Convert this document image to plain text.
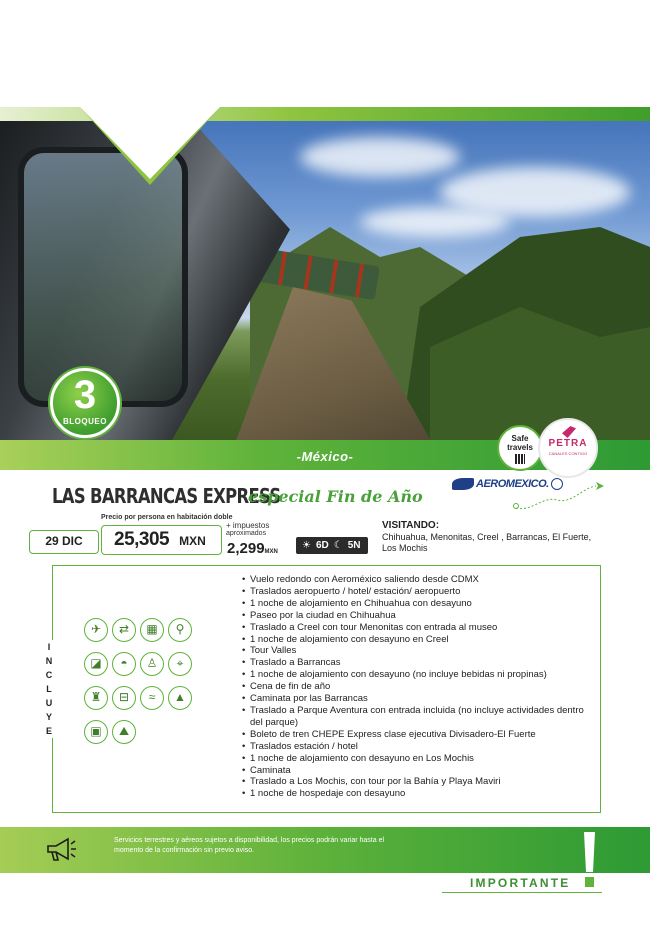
-México-
3
BLOQUEO
Safe
travels	PETRA
CANALES CONTIGO
LAS BARRANCAS EXPRESS
especial Fin de Año
AEROMEXICO.
29 DIC
Precio por persona en habitación doble
25,305 MXN
+ impuestos
aproximados
2,299MXN
☀ 6D ☾ 5N
VISITANDO:
Chihuahua, Menonitas, Creel , Barrancas, El Fuerte, Los Mochis
I
N
C
L
U
Y
E
✈ ⇄ ▦ ⚲ ◪ ◓ ♙ ⌖ ♜ ⊟ ≈ ▲ ▣ ⛰
• Vuelo redondo con Aeroméxico saliendo desde CDMX
• Traslados aeropuerto / hotel/ estación/ aeropuerto
• 1 noche de alojamiento en Chihuahua con desayuno
• Paseo por la ciudad en Chihuahua
• Traslado a Creel con tour Menonitas con entrada al museo
• 1 noche de alojamiento con desayuno en Creel
• Tour Valles
• Traslado a Barrancas
• 1 noche de alojamiento con desayuno (no incluye bebidas ni propinas)
• Cena de fin de año
• Caminata por las Barrancas
• Traslado a Parque Aventura con entrada incluida (no incluye actividades dentro del parque)
• Boleto de tren CHEPE Express clase ejecutiva Divisadero-El Fuerte
• Traslados estación / hotel
• 1 noche de alojamiento con desayuno en Los Mochis
• Caminata
• Traslado a Los Mochis, con tour por la Bahía y Playa Maviri
• 1 noche de hospedaje con desayuno
Servicios terrestres y aéreos sujetos a disponibilidad, los precios podrán variar hasta el momento de la confirmación sin previo aviso.
IMPORTANTE
